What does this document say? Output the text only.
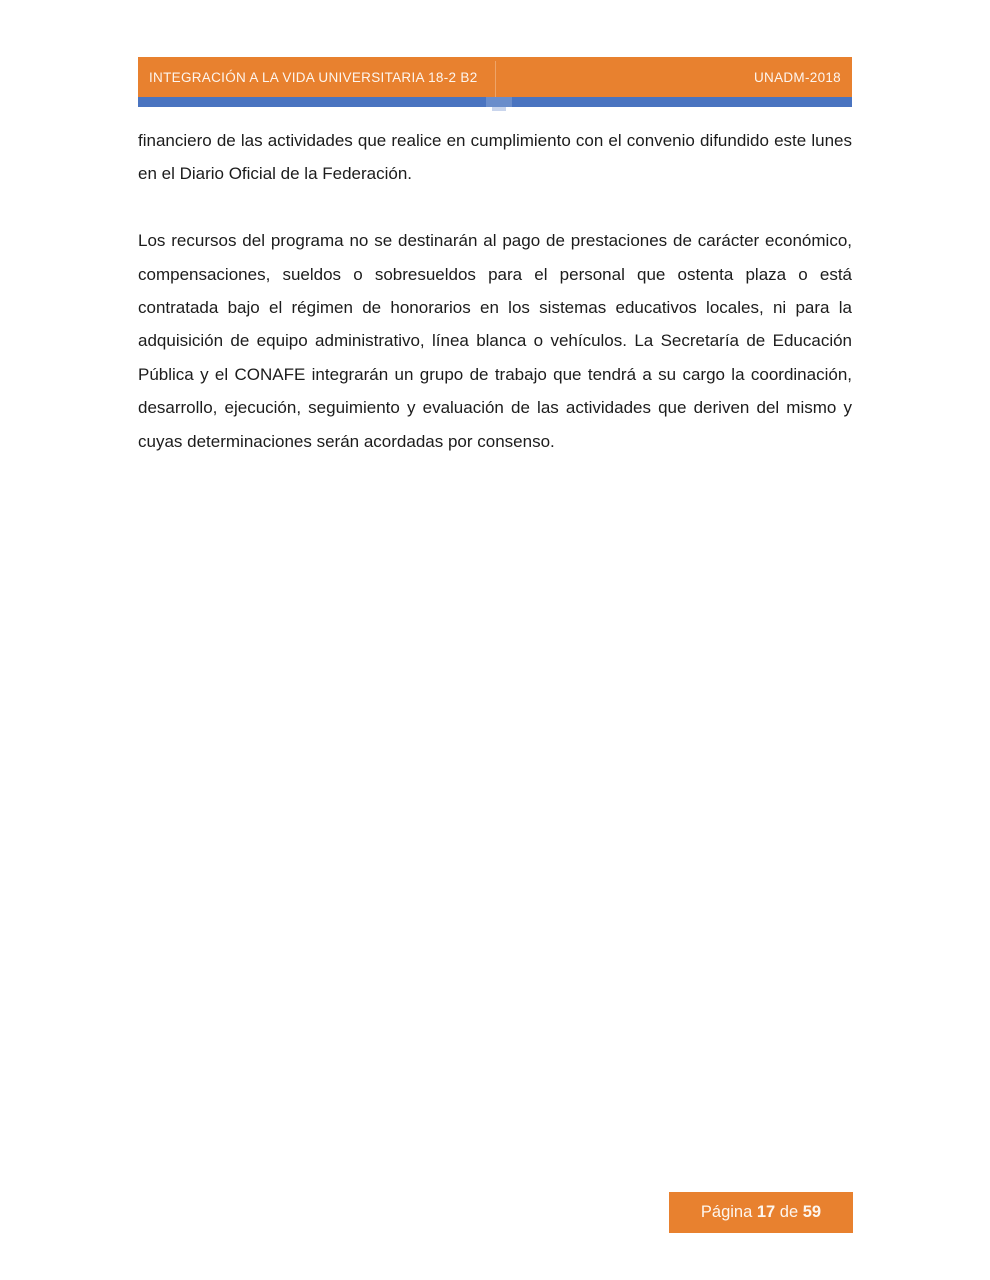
INTEGRACIÓN A LA VIDA UNIVERSITARIA 18-2 B2	UNADM-2018

financiero de las actividades que realice en cumplimiento con el convenio difundido este lunes en el Diario Oficial de la Federación.

Los recursos del programa no se destinarán al pago de prestaciones de carácter económico, compensaciones, sueldos o sobresueldos para el personal que ostenta plaza o está contratada bajo el régimen de honorarios en los sistemas educativos locales, ni para la adquisición de equipo administrativo, línea blanca o vehículos. La Secretaría de Educación Pública y el CONAFE integrarán un grupo de trabajo que tendrá a su cargo la coordinación, desarrollo, ejecución, seguimiento y evaluación de las actividades que deriven del mismo y cuyas determinaciones serán acordadas por consenso.

Página 17 de 59
